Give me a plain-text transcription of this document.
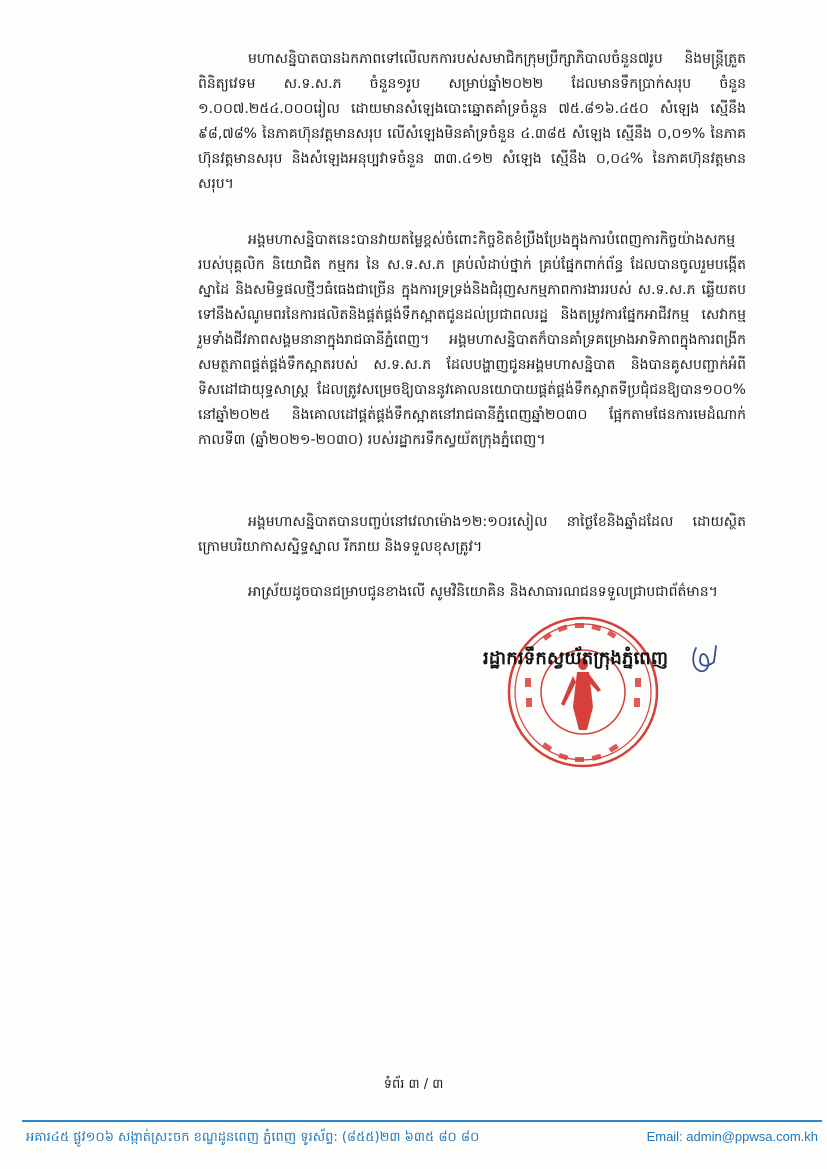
មហាសន្និបាតបានឯកភាពទៅលើលកការបស់សមាជិកក្រុមប្រឹក្សាភិបាលចំនួន៧រូប និងមន្ត្រីត្រួតពិនិត្យវេទម ស.ទ.ស.ភ ចំនួន១រូប សម្រាប់ឆ្នាំ២០២២ ដែលមានទឹកប្រាក់សរុប ចំនួន ១.០០៧.២៥៤.០០០រៀល ដោយមានសំឡេងបោះឆ្នោតគាំទ្រចំនួន ៧៥.៨១៦.៤៥០ សំឡេង ស្មើនឹង ៩៨,៧៨% នៃភាគហ៊ុនវត្តមានសរុប លើសំឡេងមិនគាំទ្រចំនួន ៤.៣៨៥ សំឡេង ស្មើនឹង ០,០១% នៃភាគហ៊ុនវត្តមានសរុប និងសំឡេងអនុប្បវាទចំនួន ៣៣.៤១២ សំឡេង ស្មើនឹង ០,០៤% នៃភាគហ៊ុនវត្តមានសរុប។
អង្គមហាសន្និបាតនេះបានវាយតម្លៃខ្ពស់ចំពោះកិច្ចខិតខំប្រឹងប្រែងក្នុងការបំពេញការកិច្ចយ៉ាងសកម្មរបស់បុគ្គលិក និយោជិត កម្មករ នៃ ស.ទ.ស.ភ គ្រប់លំដាប់ថ្នាក់ គ្រប់ផ្នែកពាក់ព័ន្ធ ដែលបានចូលរួមបង្កើតស្នាដៃ និងសមិទ្ធផលថ្មីៗធំធេងជាច្រើន ក្នុងការទ្រទ្រង់និងជំរុញសកម្មភាពការងាររបស់ ស.ទ.ស.ភ ឆ្លើយតបទៅនឹងសំណូមពរនៃការផលិតនិងផ្គត់ផ្គង់ទឹកស្អាតជូនដល់ប្រជាពលរដ្ឋ និងតម្រូវការផ្នែកអាជីវកម្ម សេវាកម្ម រួមទាំងជីវភាពសង្គមនានាក្នុងរាជធានីភ្នំពេញ។ អង្គមហាសន្និបាតក៏បានគាំទ្រគម្រោងអាទិភាពក្នុងការពង្រីកសមត្ថភាពផ្គត់ផ្គង់ទឹកស្អាតរបស់ ស.ទ.ស.ភ ដែលបង្ហាញជូនអង្គមហាសន្និបាត និងបានគូសបញ្ជាក់អំពីទិសដៅជាយុទ្ធសាស្ត្រ ដែលត្រូវសម្រេចឱ្យបាននូវគោលនយោបាយផ្គត់ផ្គង់ទឹកស្អាតទីប្រជុំជនឱ្យបាន១០០% នៅឆ្នាំ២០២៥ និងគោលដៅផ្គត់ផ្គង់ទឹកស្អាតនៅរាជធានីភ្នំពេញឆ្នាំ២០៣០ ផ្អែកតាមផែនការមេដំណាក់កាលទី៣ (ឆ្នាំ២០២១-២០៣០) របស់រដ្ឋាករទឹកស្វយ័តក្រុងភ្នំពេញ។
អង្គមហាសន្និបាតបានបញ្ចប់នៅវេលាម៉ោង១២:១០រសៀល នាថ្ងៃខែនិងឆ្នាំដដែល ដោយស្ថិតក្រោមបរិយាកាសស្និទ្ធស្នាល រីករាយ និងទទួលខុសត្រូវ។
អាស្រ័យដូចបានជម្រាបជូនខាងលើ សូមវិនិយោគិន និងសាធារណជនទទួលជ្រាបជាព័ត៌មាន។
រដ្ឋាករទឹកស្វយ័តក្រុងភ្នំពេញ
ទំព័រ ៣ / ៣
អគារ៤៥ ផ្លូវ១០៦ សង្កាត់ស្រះចក ខណ្ឌដូនពេញ ភ្នំពេញ ទូរស័ព្ទ: (៨៥៥)២៣ ៦៣៥ ៨០ ៨០	Email: admin@ppwsa.com.kh
